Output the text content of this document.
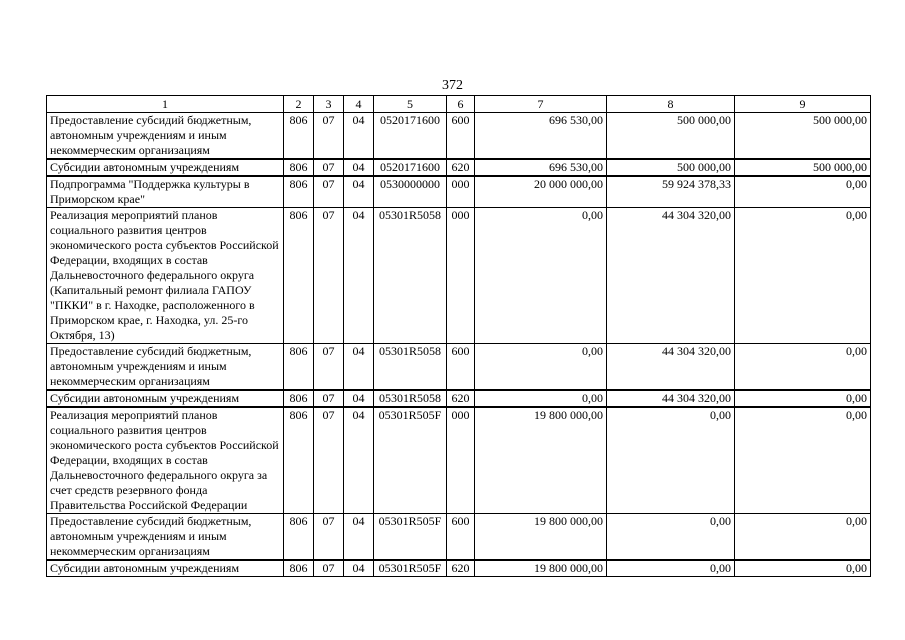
372
1	2	3	4	5	6	7	8	9
Предоставление субсидий бюджетным, автономным учреждениям и иным некоммерческим организациям	806	07	04	0520171600	600	696 530,00	500 000,00	500 000,00
Субсидии автономным учреждениям	806	07	04	0520171600	620	696 530,00	500 000,00	500 000,00
Подпрограмма "Поддержка культуры в Приморском крае"	806	07	04	0530000000	000	20 000 000,00	59 924 378,33	0,00
Реализация мероприятий планов социального развития центров экономического роста субъектов Российской Федерации, входящих в состав Дальневосточного федерального округа (Капитальный ремонт филиала ГАПОУ "ПККИ" в г. Находке, расположенного в Приморском крае, г. Находка, ул. 25-го Октября, 13)	806	07	04	05301R5058	000	0,00	44 304 320,00	0,00
Предоставление субсидий бюджетным, автономным учреждениям и иным некоммерческим организациям	806	07	04	05301R5058	600	0,00	44 304 320,00	0,00
Субсидии автономным учреждениям	806	07	04	05301R5058	620	0,00	44 304 320,00	0,00
Реализация мероприятий планов социального развития центров экономического роста субъектов Российской Федерации, входящих в состав Дальневосточного федерального округа за счет средств резервного фонда Правительства Российской Федерации	806	07	04	05301R505F	000	19 800 000,00	0,00	0,00
Предоставление субсидий бюджетным, автономным учреждениям и иным некоммерческим организациям	806	07	04	05301R505F	600	19 800 000,00	0,00	0,00
Субсидии автономным учреждениям	806	07	04	05301R505F	620	19 800 000,00	0,00	0,00
